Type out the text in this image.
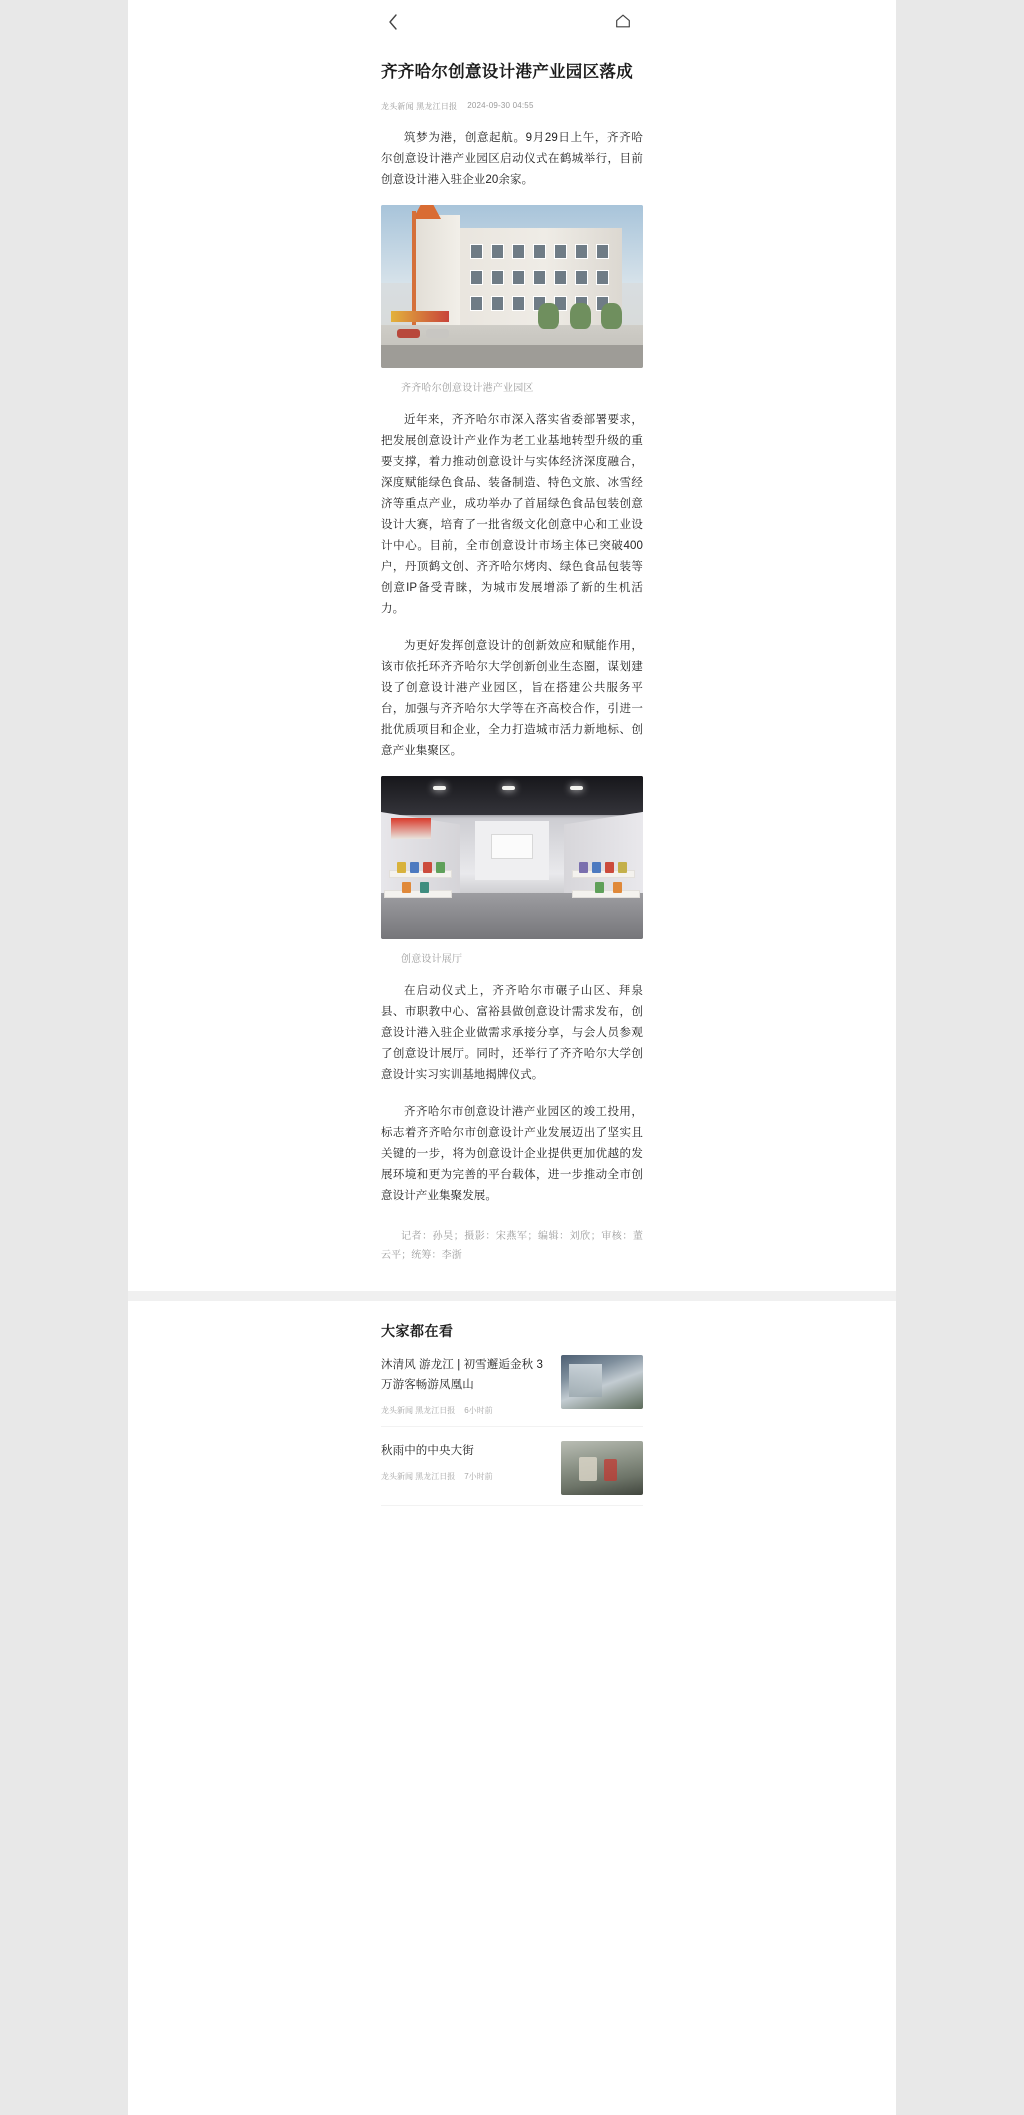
齐齐哈尔创意设计港产业园区落成
龙头新闻 黑龙江日报 2024-09-30 04:55

筑梦为港，创意起航。9月29日上午，齐齐哈尔创意设计港产业园区启动仪式在鹤城举行，目前创意设计港入驻企业20余家。

齐齐哈尔创意设计港产业园区

近年来，齐齐哈尔市深入落实省委部署要求，把发展创意设计产业作为老工业基地转型升级的重要支撑，着力推动创意设计与实体经济深度融合，深度赋能绿色食品、装备制造、特色文旅、冰雪经济等重点产业，成功举办了首届绿色食品包装创意设计大赛，培育了一批省级文化创意中心和工业设计中心。目前，全市创意设计市场主体已突破400户，丹顶鹤文创、齐齐哈尔烤肉、绿色食品包装等创意IP备受青睐，为城市发展增添了新的生机活力。

为更好发挥创意设计的创新效应和赋能作用，该市依托环齐齐哈尔大学创新创业生态圈，谋划建设了创意设计港产业园区，旨在搭建公共服务平台，加强与齐齐哈尔大学等在齐高校合作，引进一批优质项目和企业，全力打造城市活力新地标、创意产业集聚区。

创意设计展厅

在启动仪式上，齐齐哈尔市碾子山区、拜泉县、市职教中心、富裕县做创意设计需求发布，创意设计港入驻企业做需求承接分享，与会人员参观了创意设计展厅。同时，还举行了齐齐哈尔大学创意设计实习实训基地揭牌仪式。

齐齐哈尔市创意设计港产业园区的竣工投用，标志着齐齐哈尔市创意设计产业发展迈出了坚实且关键的一步，将为创意设计企业提供更加优越的发展环境和更为完善的平台载体，进一步推动全市创意设计产业集聚发展。

记者：孙昊；摄影：宋燕军；编辑：刘欣；审核：董云平；统筹：李浙

大家都在看
沐清风 游龙江 | 初雪邂逅金秋 3万游客畅游凤凰山
龙头新闻 黑龙江日报 6小时前
秋雨中的中央大街
龙头新闻 黑龙江日报 7小时前
